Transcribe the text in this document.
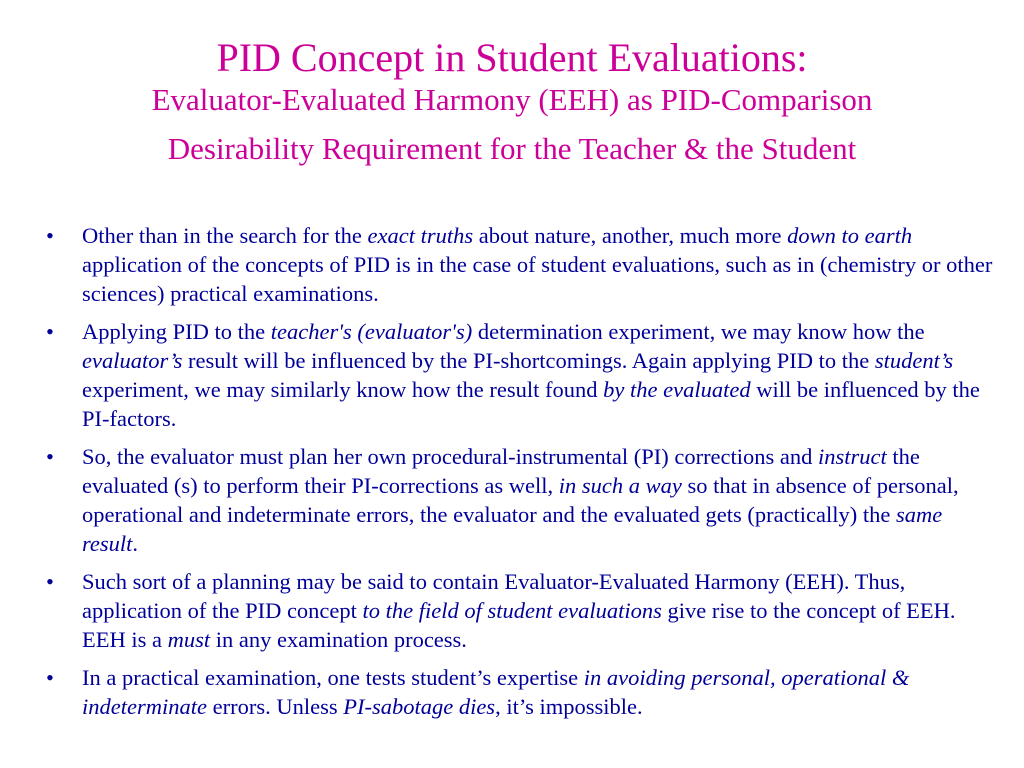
PID Concept in Student Evaluations:

Evaluator-Evaluated Harmony (EEH) as PID-Comparison

Desirability Requirement for the Teacher & the Student

• Other than in the search for the exact truths about nature, another, much more down to earth application of the concepts of PID is in the case of student evaluations, such as in (chemistry or other sciences) practical examinations.
• Applying PID to the teacher's (evaluator's) determination experiment, we may know how the evaluator’s result will be influenced by the PI-shortcomings. Again applying PID to the student’s experiment, we may similarly know how the result found by the evaluated will be influenced by the PI-factors.
• So, the evaluator must plan her own procedural-instrumental (PI) corrections and instruct the evaluated (s) to perform their PI-corrections as well, in such a way so that in absence of personal, operational and indeterminate errors, the evaluator and the evaluated gets (practically) the same result.
• Such sort of a planning may be said to contain Evaluator-Evaluated Harmony (EEH). Thus, application of the PID concept to the field of student evaluations give rise to the concept of EEH. EEH is a must in any examination process.
• In a practical examination, one tests student’s expertise in avoiding personal, operational & indeterminate errors. Unless PI-sabotage dies, it’s impossible.
